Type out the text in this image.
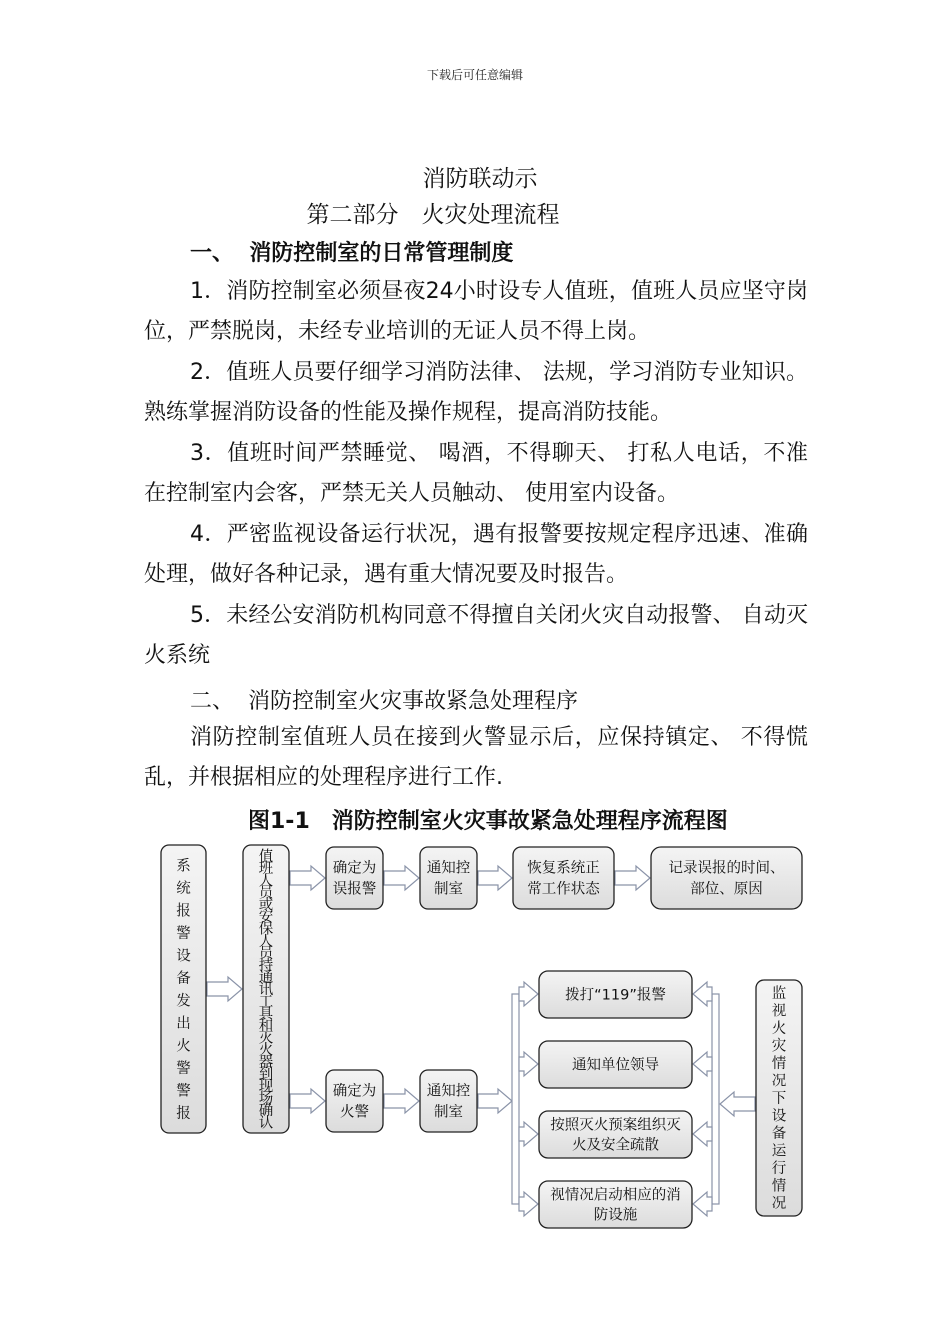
下载后可任意编辑
消防联动示
第二部分　火灾处理流程
一、  消防控制室的日常管理制度
1．消防控制室必须昼夜24小时设专人值班，值班人员应坚守岗位，严禁脱岗，未经专业培训的无证人员不得上岗。
2．值班人员要仔细学习消防法律、 法规，学习消防专业知识。熟练掌握消防设备的性能及操作规程，提高消防技能。
3．值班时间严禁睡觉、 喝酒，不得聊天、 打私人电话，不准在控制室内会客，严禁无关人员触动、 使用室内设备。
4．严密监视设备运行状况，遇有报警要按规定程序迅速、准确处理，做好各种记录，遇有重大情况要及时报告。
5．未经公安消防机构同意不得擅自关闭火灾自动报警、 自动灭火系统
二、  消防控制室火灾事故紧急处理程序
消防控制室值班人员在接到火警显示后，应保持镇定、 不得慌乱，并根据相应的处理程序进行工作.
图1-1　消防控制室火灾事故紧急处理程序流程图
系
统
报
警
设
备
发
出
火
警
警
报
值
班
人
员
或
安
保
人
员
持
通
讯
工
具
和
灭
火
器
到
现
场
确
认
确定为
误报警
通知控
制室
恢复系统正
常工作状态
记录误报的时间、
部位、原因
确定为
火警
通知控
制室
拨打“119”报警
通知单位领导
按照灭火预案组织灭
火及安全疏散
视情况启动相应的消
防设施
监
视
火
灾
情
况
下
设
备
运
行
情
况
